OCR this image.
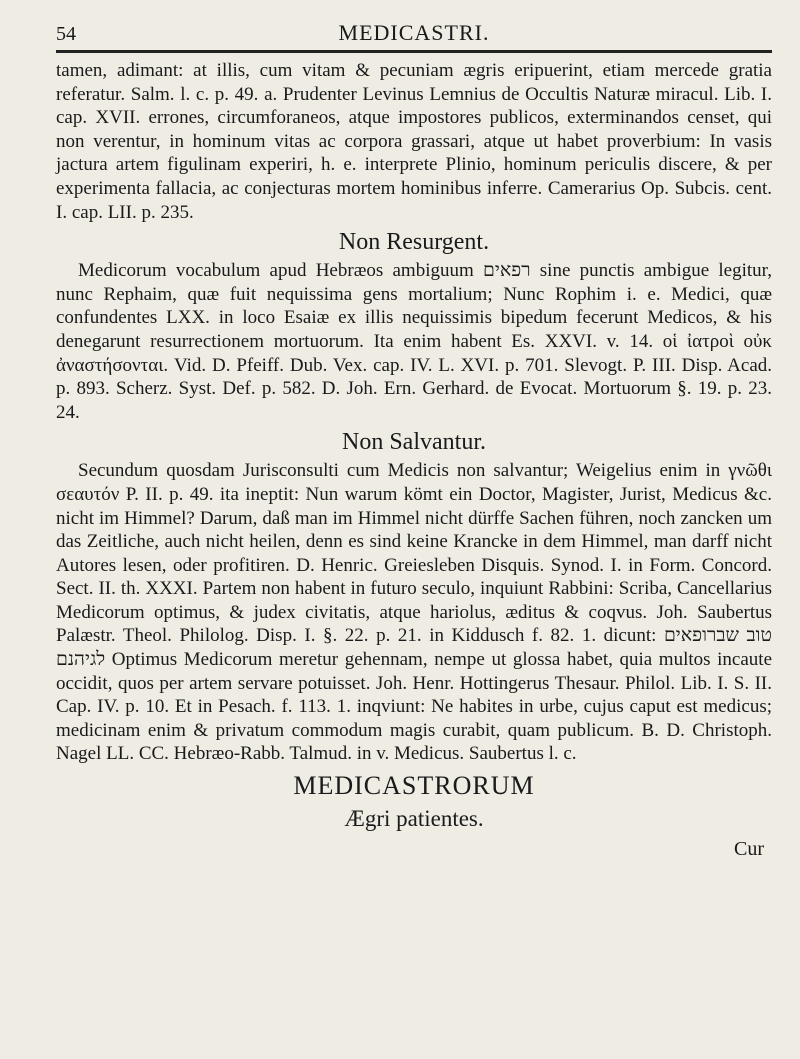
54	MEDICASTRI.

tamen, adimant: at illis, cum vitam & pecuniam ægris eripuerint, etiam mercede gratia referatur. Salm. l. c. p. 49. a. Prudenter Levinus Lemnius de Occultis Naturæ miracul. Lib. I. cap. XVII. errones, circumforaneos, atque impostores publicos, exterminandos censet, qui non verentur, in hominum vitas ac corpora grassari, atque ut habet proverbium: In vasis jactura artem figulinam experiri, h. e. interprete Plinio, hominum periculis discere, & per experimenta fallacia, ac conjecturas mortem hominibus inferre. Camerarius Op. Subcis. cent. I. cap. LII. p. 235.

Non Resurgent.

Medicorum vocabulum apud Hebræos ambiguum רפאים sine punctis ambigue legitur, nunc Rephaim, quæ fuit nequissima gens mortalium; Nunc Rophim i. e. Medici, quæ confundentes LXX. in loco Esaiæ ex illis nequissimis bipedum fecerunt Medicos, & his denegarunt resurrectionem mortuorum. Ita enim habent Es. XXVI. v. 14. οἱ ἰατροὶ οὐκ ἀναστήσονται. Vid. D. Pfeiff. Dub. Vex. cap. IV. L. XVI. p. 701. Slevogt. P. III. Disp. Acad. p. 893. Scherz. Syst. Def. p. 582. D. Joh. Ern. Gerhard. de Evocat. Mortuorum §. 19. p. 23. 24.

Non Salvantur.

Secundum quosdam Jurisconsulti cum Medicis non salvantur; Weigelius enim in γνῶθι σεαυτόν P. II. p. 49. ita ineptit: Nun warum kömt ein Doctor, Magister, Jurist, Medicus &c. nicht im Himmel? Darum, daß man im Himmel nicht dürffe Sachen führen, noch zancken um das Zeitliche, auch nicht heilen, denn es sind keine Krancke in dem Himmel, man darff nicht Autores lesen, oder profitiren. D. Henric. Greiesleben Disquis. Synod. I. in Form. Concord. Sect. II. th. XXXI. Partem non habent in futuro seculo, inquiunt Rabbini: Scriba, Cancellarius Medicorum optimus, & judex civitatis, atque hariolus, æditus & coqvus. Joh. Saubertus Palæstr. Theol. Philolog. Disp. I. §. 22. p. 21. in Kiddusch f. 82. 1. dicunt: טוב שברופאים לגיהנם Optimus Medicorum meretur gehennam, nempe ut glossa habet, quia multos incaute occidit, quos per artem servare potuisset. Joh. Henr. Hottingerus Thesaur. Philol. Lib. I. S. II. Cap. IV. p. 10. Et in Pesach. f. 113. 1. inqviunt: Ne habites in urbe, cujus caput est medicus; medicinam enim & privatum commodum magis curabit, quam publicum. B. D. Christoph. Nagel LL. CC. Hebræo-Rabb. Talmud. in v. Medicus. Saubertus l. c.

MEDICASTRORUM
Ægri patientes.
Cur
